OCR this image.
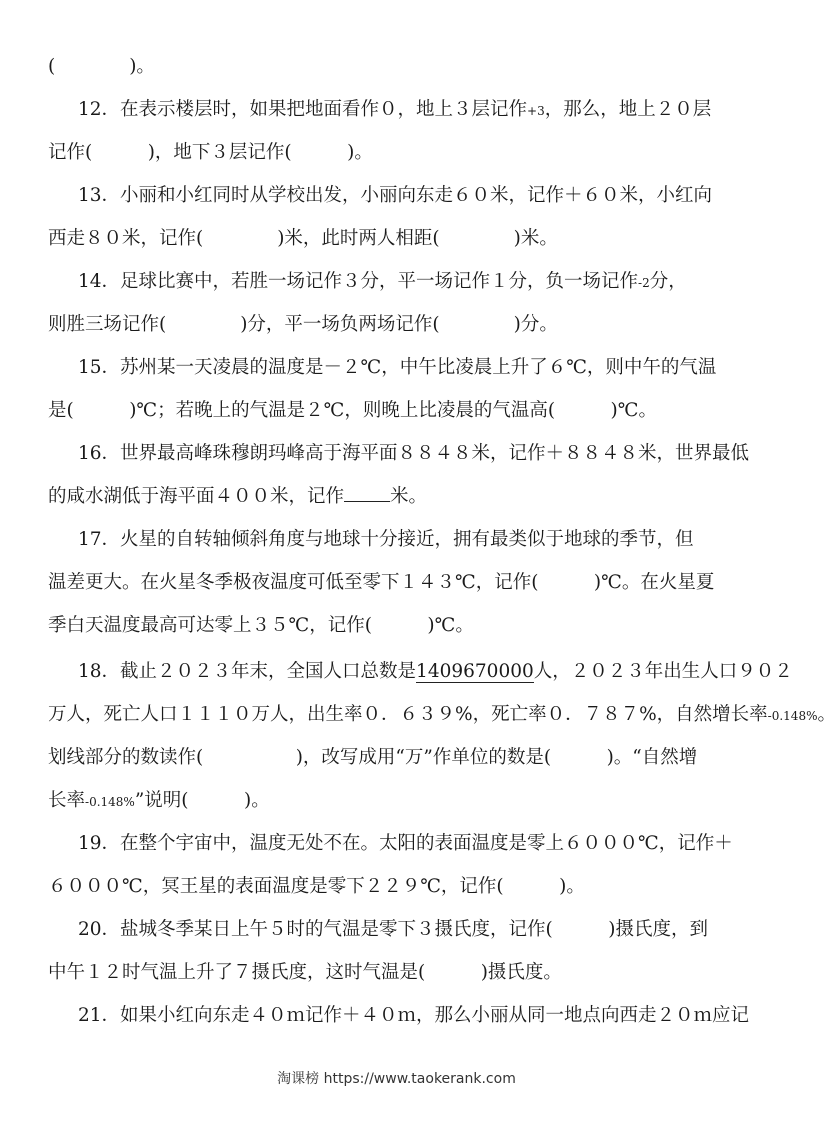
(　　　　)。
12．在表示楼层时，如果把地面看作０，地上３层记作+3，那么，地上２０层
记作(　　　)，地下３层记作(　　　)。
13．小丽和小红同时从学校出发，小丽向东走６０米，记作＋６０米，小红向
西走８０米，记作(　　　　)米，此时两人相距(　　　　)米。
14．足球比赛中，若胜一场记作３分，平一场记作１分，负一场记作-2分，
则胜三场记作(　　　　)分，平一场负两场记作(　　　　)分。
15．苏州某一天凌晨的温度是－２℃，中午比凌晨上升了６℃，则中午的气温
是(　　　)℃；若晚上的气温是２℃，则晚上比凌晨的气温高(　　　)℃。
16．世界最高峰珠穆朗玛峰高于海平面８８４８米，记作＋８８４８米，世界最低
的咸水湖低于海平面４００米，记作 米。
17．火星的自转轴倾斜角度与地球十分接近，拥有最类似于地球的季节，但
温差更大。在火星冬季极夜温度可低至零下１４３℃，记作(　　　)℃。在火星夏
季白天温度最高可达零上３５℃，记作(　　　)℃。
18．截止２０２３年末，全国人口总数是1409670000人，２０２３年出生人口９０２
万人，死亡人口１１１０万人，出生率０．６３９%，死亡率０．７８７%，自然增长率-0.148%。
划线部分的数读作(　　　　　)，改写成用“万”作单位的数是(　　　)。“自然增
长率-0.148%”说明(　　　)。
19．在整个宇宙中，温度无处不在。太阳的表面温度是零上６０００℃，记作＋
６０００℃，冥王星的表面温度是零下２２９℃，记作(　　　)。
20．盐城冬季某日上午５时的气温是零下３摄氏度，记作(　　　)摄氏度，到
中午１２时气温上升了７摄氏度，这时气温是(　　　)摄氏度。
21．如果小红向东走４０ｍ记作＋４０ｍ，那么小丽从同一地点向西走２０ｍ应记
淘课榜 https://www.taokerank.com
